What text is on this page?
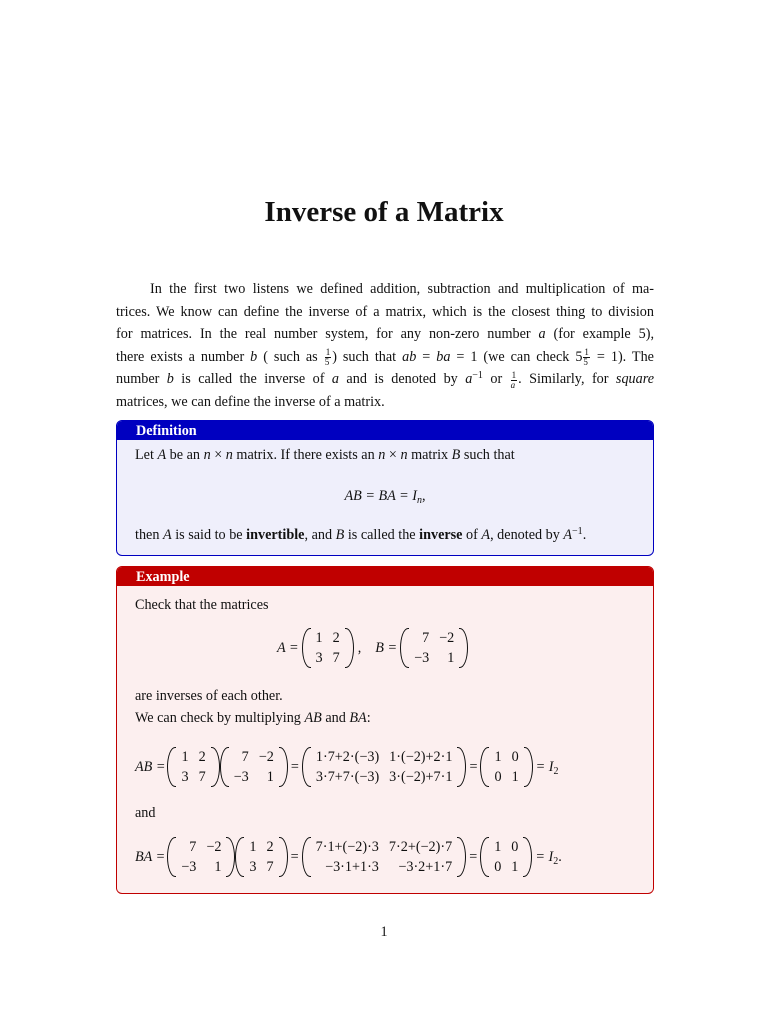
Inverse of a Matrix
In the first two listens we defined addition, subtraction and multiplication of ma-
trices. We know can define the inverse of a matrix, which is the closest thing to division
for matrices. In the real number system, for any non-zero number a (for example 5),
there exists a number b ( such as $\frac{1}{5}$ ) such that ab = ba = 1 (we can check $5 \frac{1}{5} = 1$). The
number b is called the inverse of a and is denoted by $a^{-1}$ or $\frac{1}{a}$ . Similarly, for square
matrices, we can define the inverse of a matrix.
Definition
Let A be an n × n matrix. If there exists an n × n matrix B such that
AB = BA = $I_n$,
then A is said to be invertible, and B is called the inverse of A, denoted by $A^{-1}$.
Example
Check that the matrices
A =
1	2
3	7
, B =
7	−2
−3	1
are inverses of each other.
We can check by multiplying AB and BA:
AB =
1	2
3	7
7	−2
−3	1
=
1·7+2·(−3)	1·(−2)+2·1
3·7+7·(−3)	3·(−2)+7·1
=
1	0
0	1
= $I_2$
and
BA =
7	−2
−3	1
1	2
3	7
=
7·1+(−2)·3	7·2+(−2)·7
−3·1+1·3	−3·2+1·7
=
1	0
0	1
= $I_2$.
1
